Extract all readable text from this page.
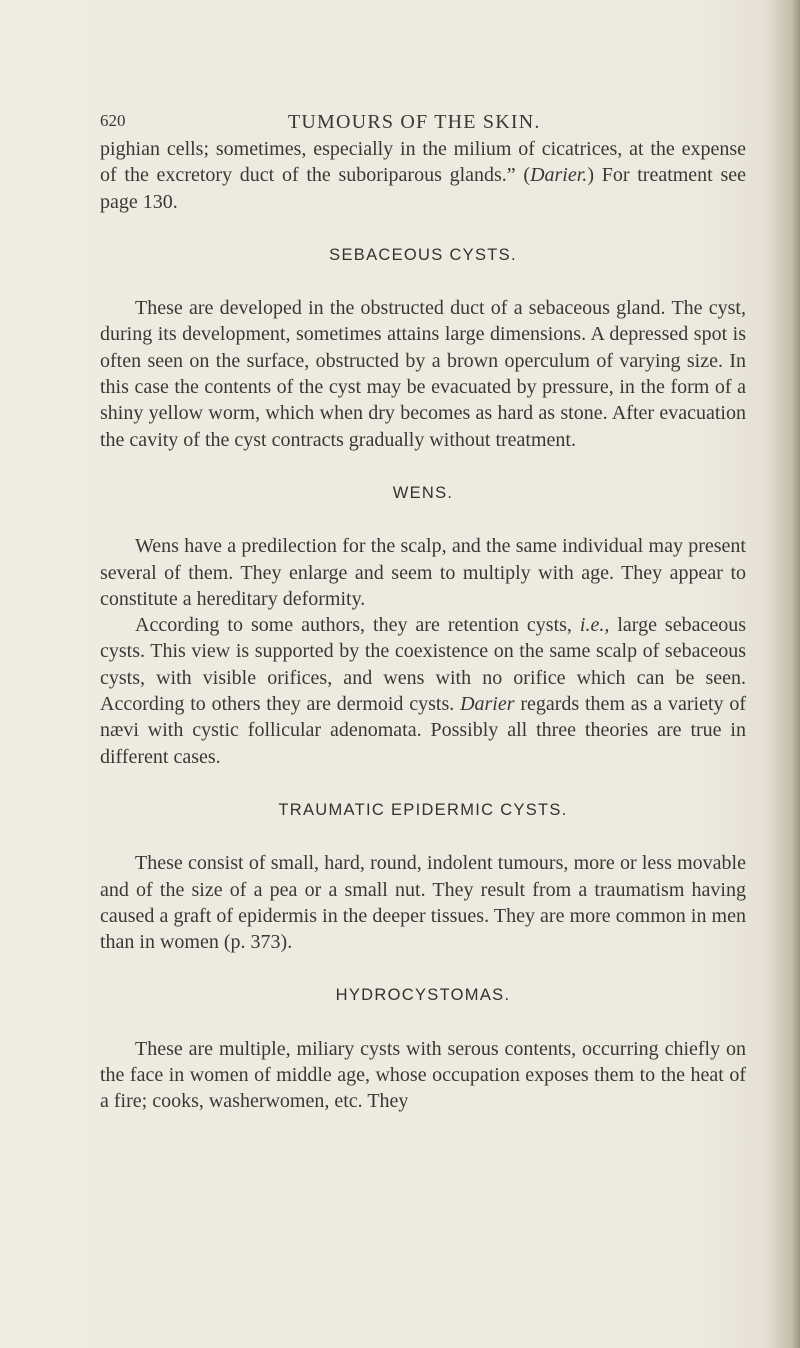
620	TUMOURS OF THE SKIN.

pighian cells; sometimes, especially in the milium of cicatrices, at the expense of the excretory duct of the suboriparous glands.” (Darier.) For treatment see page 130.

SEBACEOUS CYSTS.

These are developed in the obstructed duct of a sebaceous gland. The cyst, during its development, sometimes attains large dimensions. A depressed spot is often seen on the surface, obstructed by a brown operculum of varying size. In this case the contents of the cyst may be evacuated by pressure, in the form of a shiny yellow worm, which when dry becomes as hard as stone. After evacuation the cavity of the cyst contracts gradually without treatment.

WENS.

Wens have a predilection for the scalp, and the same individual may present several of them. They enlarge and seem to multiply with age. They appear to constitute a hereditary deformity.

According to some authors, they are retention cysts, i.e., large sebaceous cysts. This view is supported by the coexistence on the same scalp of sebaceous cysts, with visible orifices, and wens with no orifice which can be seen. According to others they are dermoid cysts. Darier regards them as a variety of nævi with cystic follicular adenomata. Possibly all three theories are true in different cases.

TRAUMATIC EPIDERMIC CYSTS.

These consist of small, hard, round, indolent tumours, more or less movable and of the size of a pea or a small nut. They result from a traumatism having caused a graft of epidermis in the deeper tissues. They are more common in men than in women (p. 373).

HYDROCYSTOMAS.

These are multiple, miliary cysts with serous contents, occurring chiefly on the face in women of middle age, whose occupation exposes them to the heat of a fire; cooks, washerwomen, etc. They
